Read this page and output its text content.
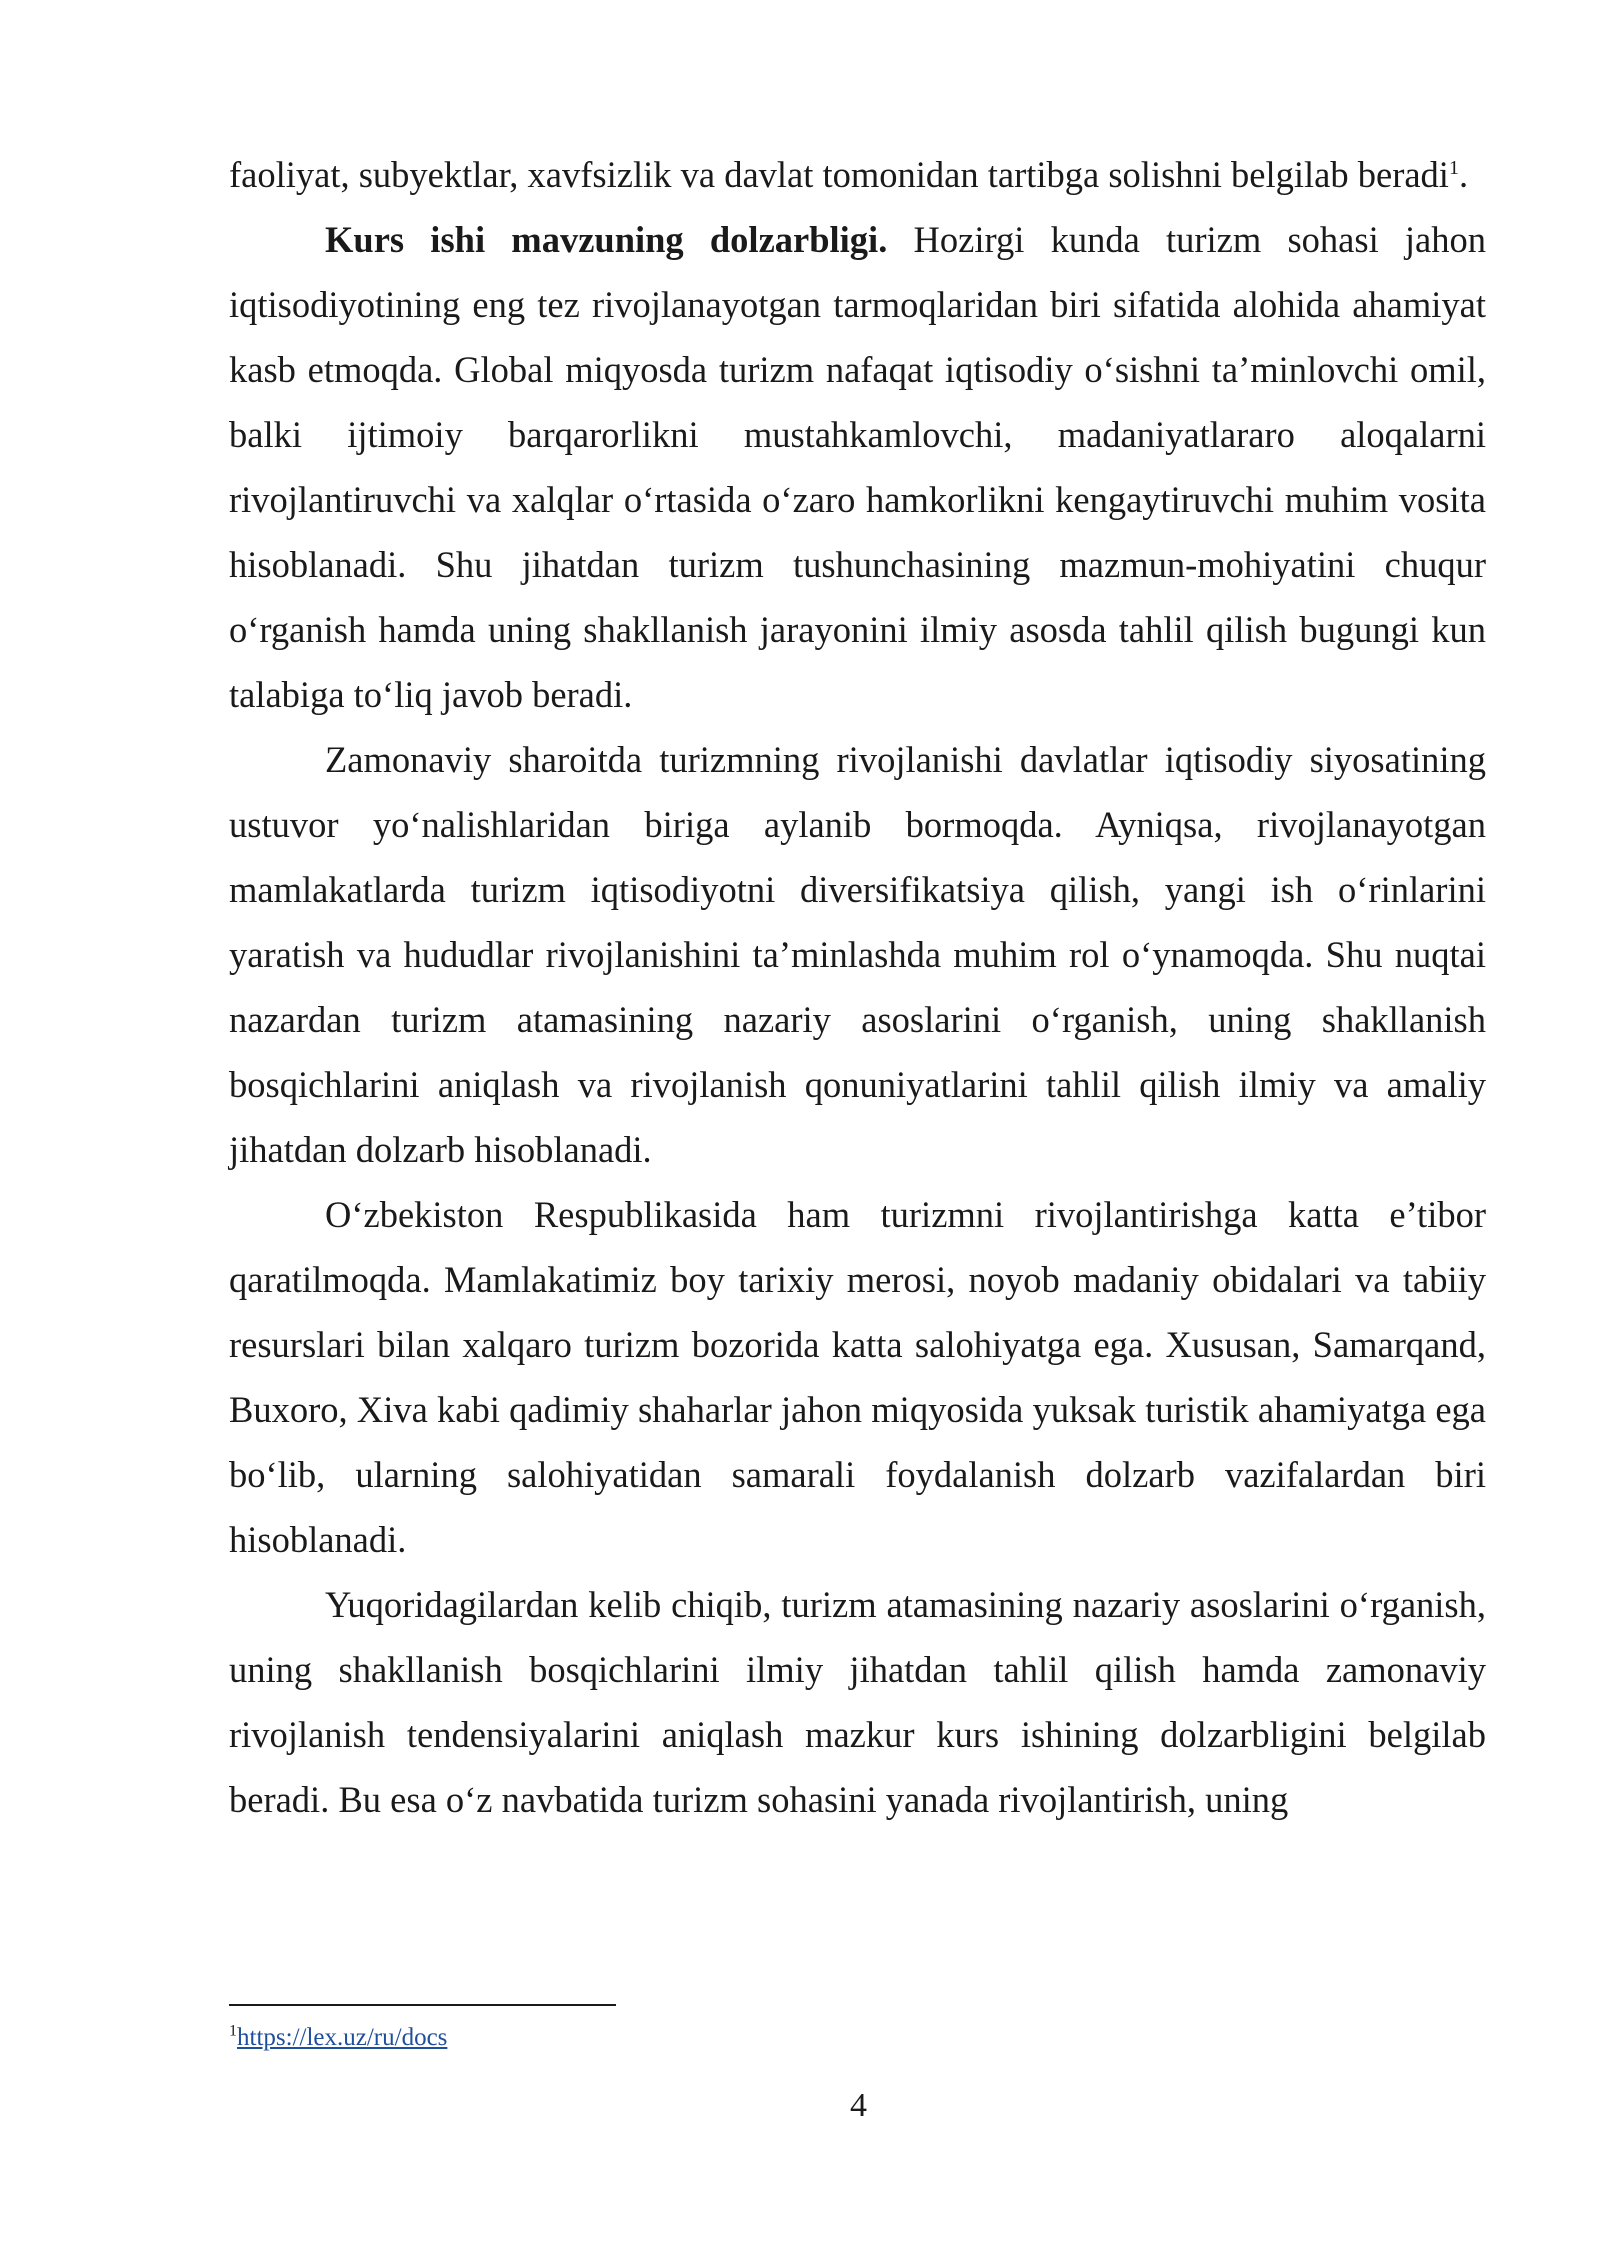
faoliyat, subyektlar, xavfsizlik va davlat tomonidan tartibga solishni belgilab beradi$^1$.

Kurs ishi mavzuning dolzarbligi. Hozirgi kunda turizm sohasi jahon iqtisodiyotining eng tez rivojlanayotgan tarmoqlaridan biri sifatida alohida ahamiyat kasb etmoqda. Global miqyosda turizm nafaqat iqtisodiy o‘sishni ta’minlovchi omil, balki ijtimoiy barqarorlikni mustahkamlovchi, madaniyatlararo aloqalarni rivojlantiruvchi va xalqlar o‘rtasida o‘zaro hamkorlikni kengaytiruvchi muhim vosita hisoblanadi. Shu jihatdan turizm tushunchasining mazmun-mohiyatini chuqur o‘rganish hamda uning shakllanish jarayonini ilmiy asosda tahlil qilish bugungi kun talabiga to‘liq javob beradi.

Zamonaviy sharoitda turizmning rivojlanishi davlatlar iqtisodiy siyosatining ustuvor yo‘nalishlaridan biriga aylanib bormoqda. Ayniqsa, rivojlanayotgan mamlakatlarda turizm iqtisodiyotni diversifikatsiya qilish, yangi ish o‘rinlarini yaratish va hududlar rivojlanishini ta’minlashda muhim rol o‘ynamoqda. Shu nuqtai nazardan turizm atamasining nazariy asoslarini o‘rganish, uning shakllanish bosqichlarini aniqlash va rivojlanish qonuniyatlarini tahlil qilish ilmiy va amaliy jihatdan dolzarb hisoblanadi.

O‘zbekiston Respublikasida ham turizmni rivojlantirishga katta e’tibor qaratilmoqda. Mamlakatimiz boy tarixiy merosi, noyob madaniy obidalari va tabiiy resurslari bilan xalqaro turizm bozorida katta salohiyatga ega. Xususan, Samarqand, Buxoro, Xiva kabi qadimiy shaharlar jahon miqyosida yuksak turistik ahamiyatga ega bo‘lib, ularning salohiyatidan samarali foydalanish dolzarb vazifalardan biri hisoblanadi.

Yuqoridagilardan kelib chiqib, turizm atamasining nazariy asoslarini o‘rganish, uning shakllanish bosqichlarini ilmiy jihatdan tahlil qilish hamda zamonaviy rivojlanish tendensiyalarini aniqlash mazkur kurs ishining dolzarbligini belgilab beradi. Bu esa o‘z navbatida turizm sohasini yanada rivojlantirish, uning

$^1$https://lex.uz/ru/docs
4
